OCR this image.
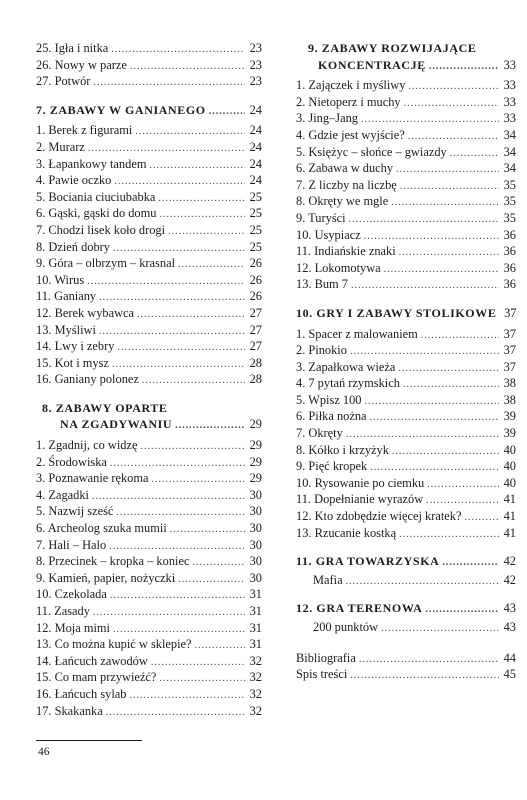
25. Igła i nitka .....	23
26. Nowy w parze .....	23
27. Potwór .....	23
7. ZABAWY W GANIANEGO .....	24
1. Berek z figurami .....	24
2. Murarz .....	24
3. Łapankowy tandem .....	24
4. Pawie oczko .....	24
5. Bociania ciuciubabka .....	25
6. Gąski, gąski do domu .....	25
7. Chodzi lisek koło drogi .....	25
8. Dzień dobry .....	25
9. Góra – olbrzym – krasnal .....	26
10. Wirus .....	26
11. Ganiany .....	26
12. Berek wybawca .....	27
13. Myśliwi .....	27
14. Lwy i zebry .....	27
15. Kot i mysz .....	28
16. Ganiany polonez .....	28
8. ZABAWY OPARTE
NA ZGADYWANIU .....	29
1. Zgadnij, co widzę .....	29
2. Środowiska .....	29
3. Poznawanie rękoma .....	29
4. Zagadki .....	30
5. Nazwij sześć .....	30
6. Archeolog szuka mumii .....	30
7. Hali – Halo .....	30
8. Przecinek – kropka – koniec .....	30
9. Kamień, papier, nożyczki .....	30
10. Czekolada .....	31
11. Zasady .....	31
12. Moja mimi .....	31
13. Co można kupić w sklepie? .....	31
14. Łańcuch zawodów .....	32
15. Co mam przywieźć? .....	32
16. Łańcuch sylab .....	32
17. Skakanka .....	32
9. ZABAWY ROZWIJAJĄCE
KONCENTRACJĘ .....	33
1. Zajączek i myśliwy .....	33
2. Nietoperz i muchy .....	33
3. Jing–Jang .....	33
4. Gdzie jest wyjście? .....	34
5. Księżyc – słońce – gwiazdy .....	34
6. Zabawa w duchy .....	34
7. Z liczby na liczbę .....	35
8. Okręty we mgle .....	35
9. Turyści .....	35
10. Usypiacz .....	36
11. Indiańskie znaki .....	36
12. Lokomotywa .....	36
13. Bum 7 .....	36
10. GRY I ZABAWY STOLIKOWE 37
1. Spacer z malowaniem .....	37
2. Pinokio .....	37
3. Zapałkowa wieża .....	37
4. 7 pytań rzymskich .....	38
5. Wpisz 100 .....	38
6. Piłka nożna .....	39
7. Okręty .....	39
8. Kółko i krzyżyk .....	40
9. Pięć kropek .....	40
10. Rysowanie po ciemku .....	40
11. Dopełnianie wyrazów .....	41
12. Kto zdobędzie więcej kratek? .....	41
13. Rzucanie kostką .....	41
11. GRA TOWARZYSKA .....	42
Mafia .....	42
12. GRA TERENOWA .....	43
200 punktów .....	43
Bibliografia .....	44
Spis treści .....	45
46
